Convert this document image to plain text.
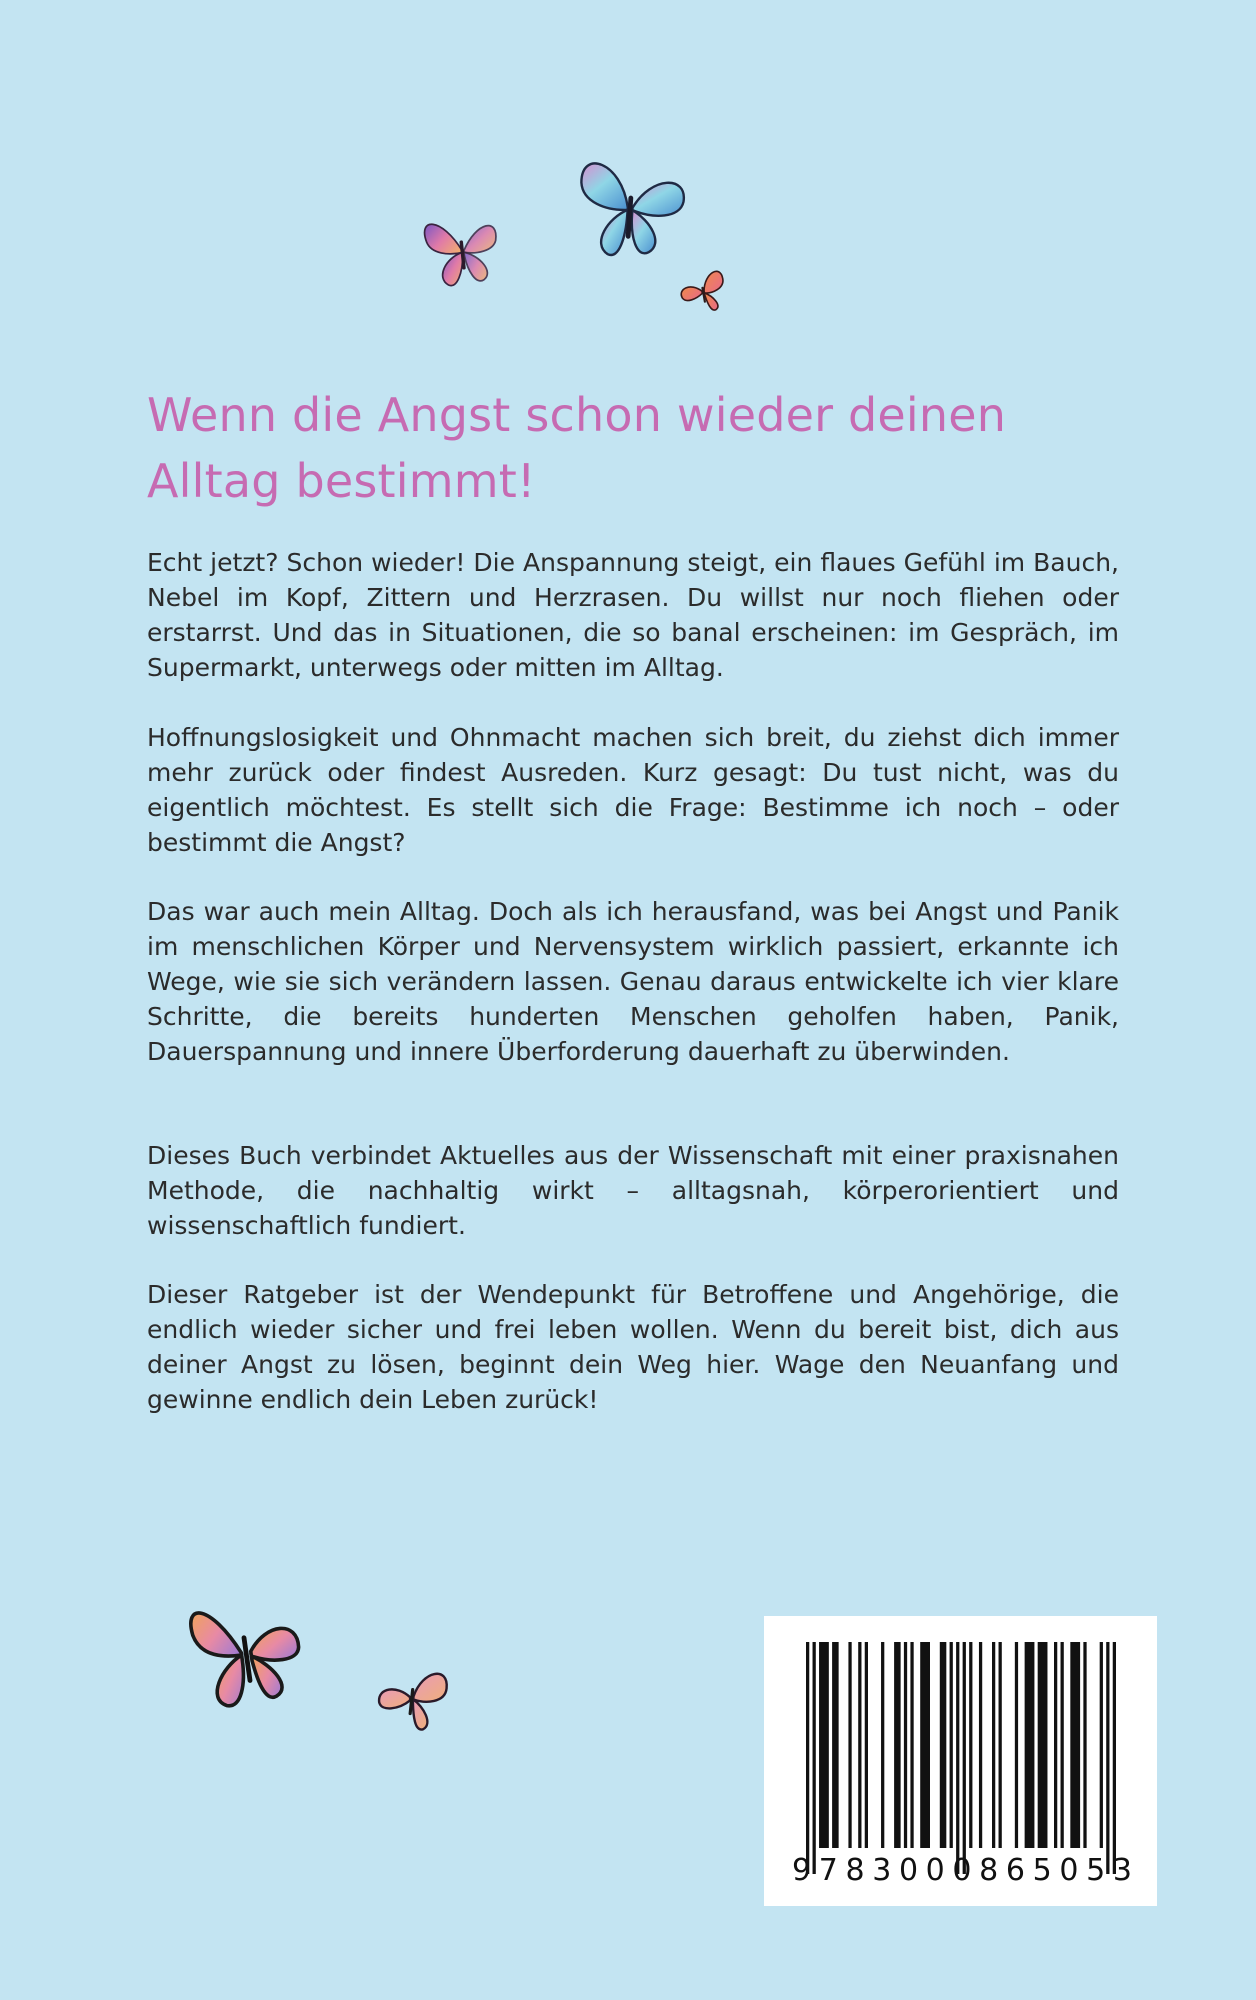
Wenn die Angst schon wieder deinen Alltag bestimmt!

Echt jetzt? Schon wieder! Die Anspannung steigt, ein flaues Gefühl im Bauch, Nebel im Kopf, Zittern und Herzrasen. Du willst nur noch fliehen oder erstarrst. Und das in Situationen, die so banal erscheinen: im Gespräch, im Supermarkt, unterwegs oder mitten im Alltag.

Hoffnungslosigkeit und Ohnmacht machen sich breit, du ziehst dich immer mehr zurück oder findest Ausreden. Kurz gesagt: Du tust nicht, was du eigentlich möchtest. Es stellt sich die Frage: Bestimme ich noch – oder bestimmt die Angst?

Das war auch mein Alltag. Doch als ich herausfand, was bei Angst und Panik im menschlichen Körper und Nervensystem wirklich passiert, erkannte ich Wege, wie sie sich verändern lassen. Genau daraus entwickelte ich vier klare Schritte, die bereits hunderten Menschen geholfen haben, Panik, Dauerspannung und innere Überforderung dauerhaft zu überwinden.

Dieses Buch verbindet Aktuelles aus der Wissenschaft mit einer praxisnahen Methode, die nachhaltig wirkt – alltagsnah, körperorientiert und wissenschaftlich fundiert.

Dieser Ratgeber ist der Wendepunkt für Betroffene und Angehörige, die endlich wieder sicher und frei leben wollen. Wenn du bereit bist, dich aus deiner Angst zu lösen, beginnt dein Weg hier. Wage den Neuanfang und gewinne endlich dein Leben zurück!

9 7 8 3 0 0 0 8 6 5 0 5 3
